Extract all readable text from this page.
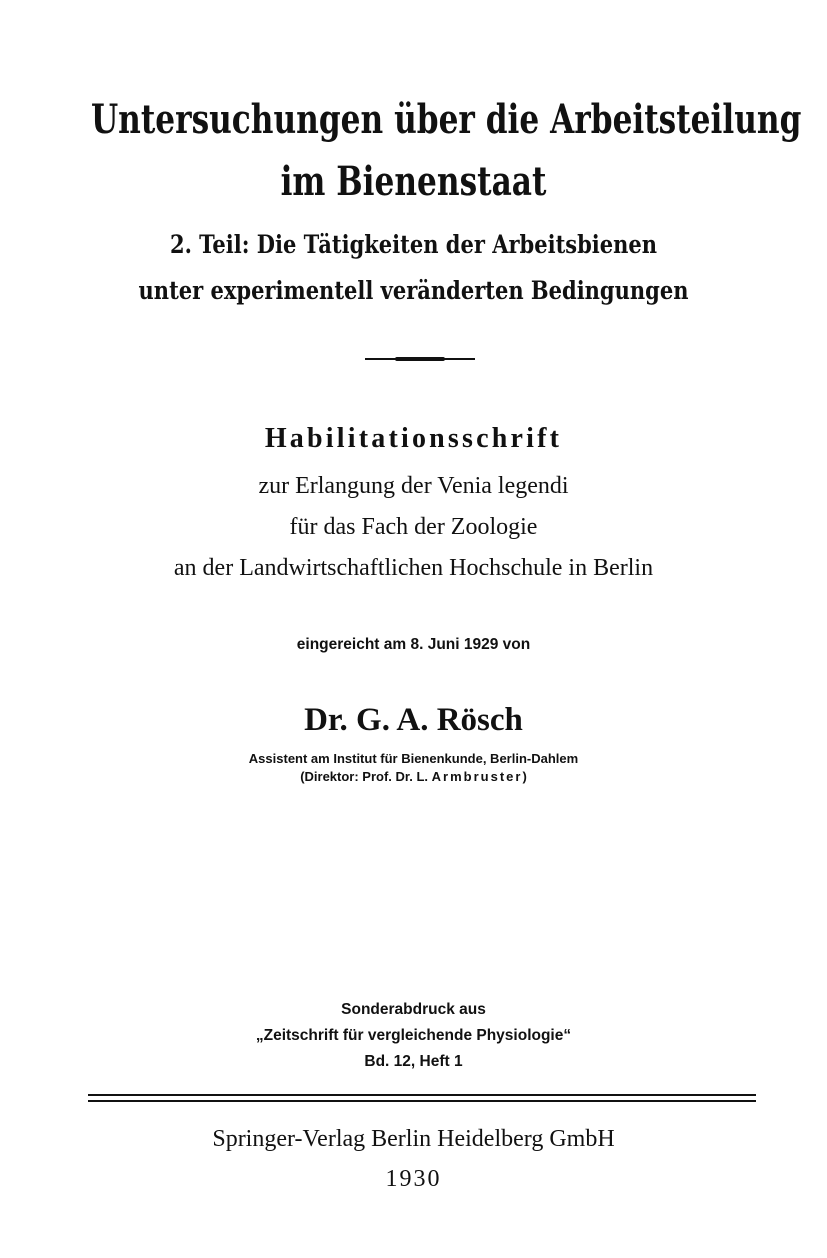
Untersuchungen über die Arbeitsteilung
im Bienenstaat
2. Teil: Die Tätigkeiten der Arbeitsbienen
unter experimentell veränderten Bedingungen
Habilitationsschrift
zur Erlangung der Venia legendi
für das Fach der Zoologie
an der Landwirtschaftlichen Hochschule in Berlin
eingereicht am 8. Juni 1929 von
Dr. G. A. Rösch
Assistent am Institut für Bienenkunde, Berlin-Dahlem
(Direktor: Prof. Dr. L. Armbruster)
Sonderabdruck aus
„Zeitschrift für vergleichende Physiologie“
Bd. 12, Heft 1
Springer-Verlag Berlin Heidelberg GmbH
1930
